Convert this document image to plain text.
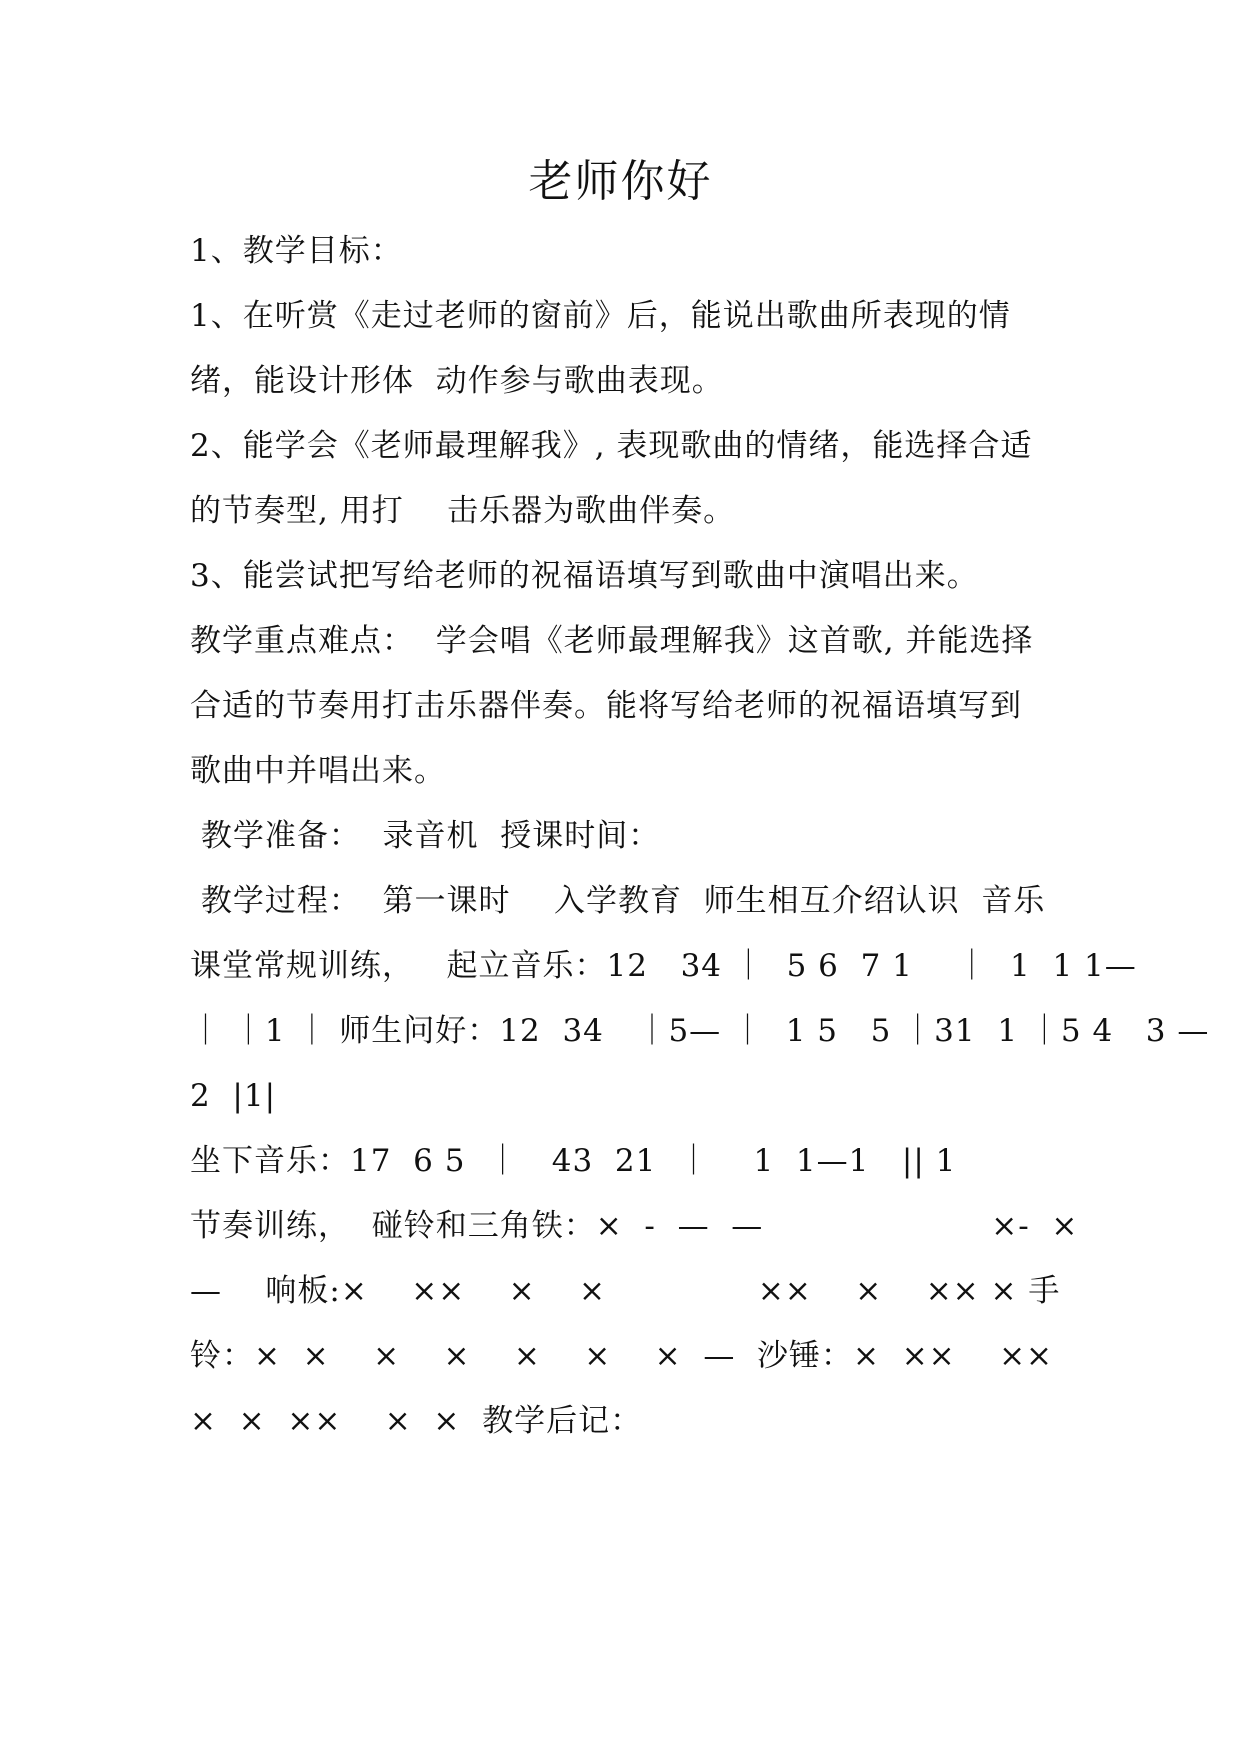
老师你好
1、教学目标：
1、在听赏《走过老师的窗前》后，能说出歌曲所表现的情
绪，能设计形体  动作参与歌曲表现。
2、能学会《老师最理解我》, 表现歌曲的情绪，能选择合适
的节奏型, 用打    击乐器为歌曲伴奏。
3、能尝试把写给老师的祝福语填写到歌曲中演唱出来。
教学重点难点：  学会唱《老师最理解我》这首歌, 并能选择
合适的节奏用打击乐器伴奏。能将写给老师的祝福语填写到
歌曲中并唱出来。
教学准备：  录音机  授课时间：
教学过程：  第一课时    入学教育  师生相互介绍认识  音乐
课堂常规训练，   起立音乐：12   34 ｜  5 6  7 1    ｜  1  1 1—
｜ ｜1 ｜ 师生问好：12  34   ｜5— ｜  1 5   5 ｜31  1 ｜5 4   3 —
2  |1|
坐下音乐：17  6 5  ｜   43  21  ｜    1  1—1   || 1
节奏训练，  碰铃和三角铁：×  -  —  —                     ×-  ×
—    响板:×    ××    ×    ×              ××    ×    ×× × 手
铃：×  ×    ×    ×    ×    ×    ×  —  沙锤：×  ××    ××
×  ×  ××    ×  ×  教学后记：
